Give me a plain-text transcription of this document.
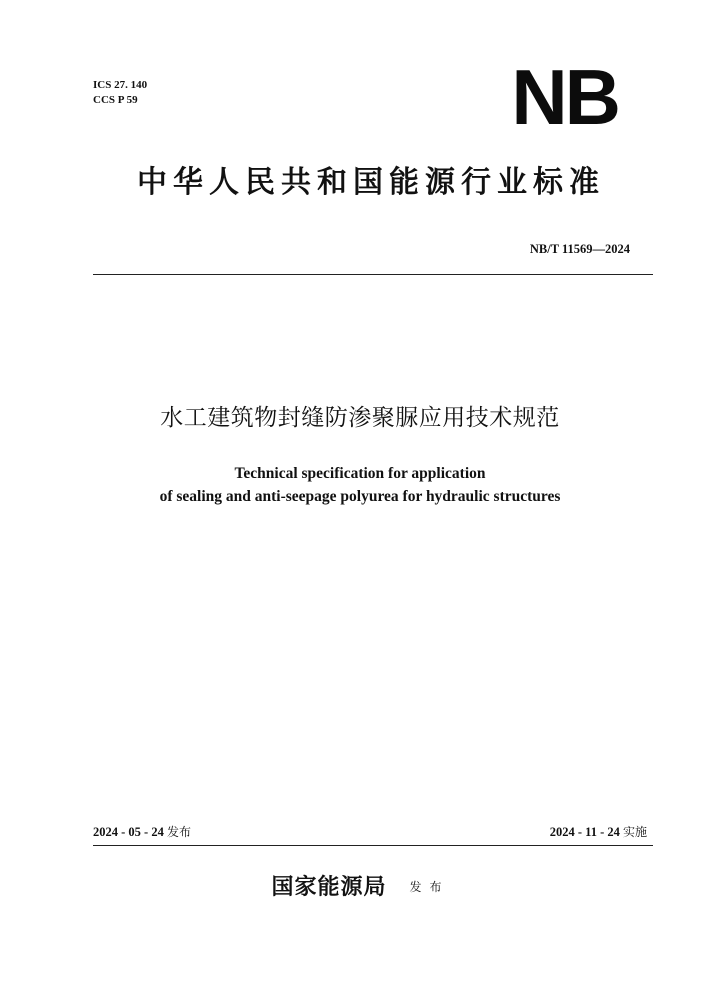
ICS 27. 140
CCS P 59	NB
中华人民共和国能源行业标准
NB/T 11569—2024
水工建筑物封缝防渗聚脲应用技术规范
Technical specification for application
of sealing and anti-seepage polyurea for hydraulic structures
2024 - 05 - 24 发布	2024 - 11 - 24 实施
国家能源局 发布
